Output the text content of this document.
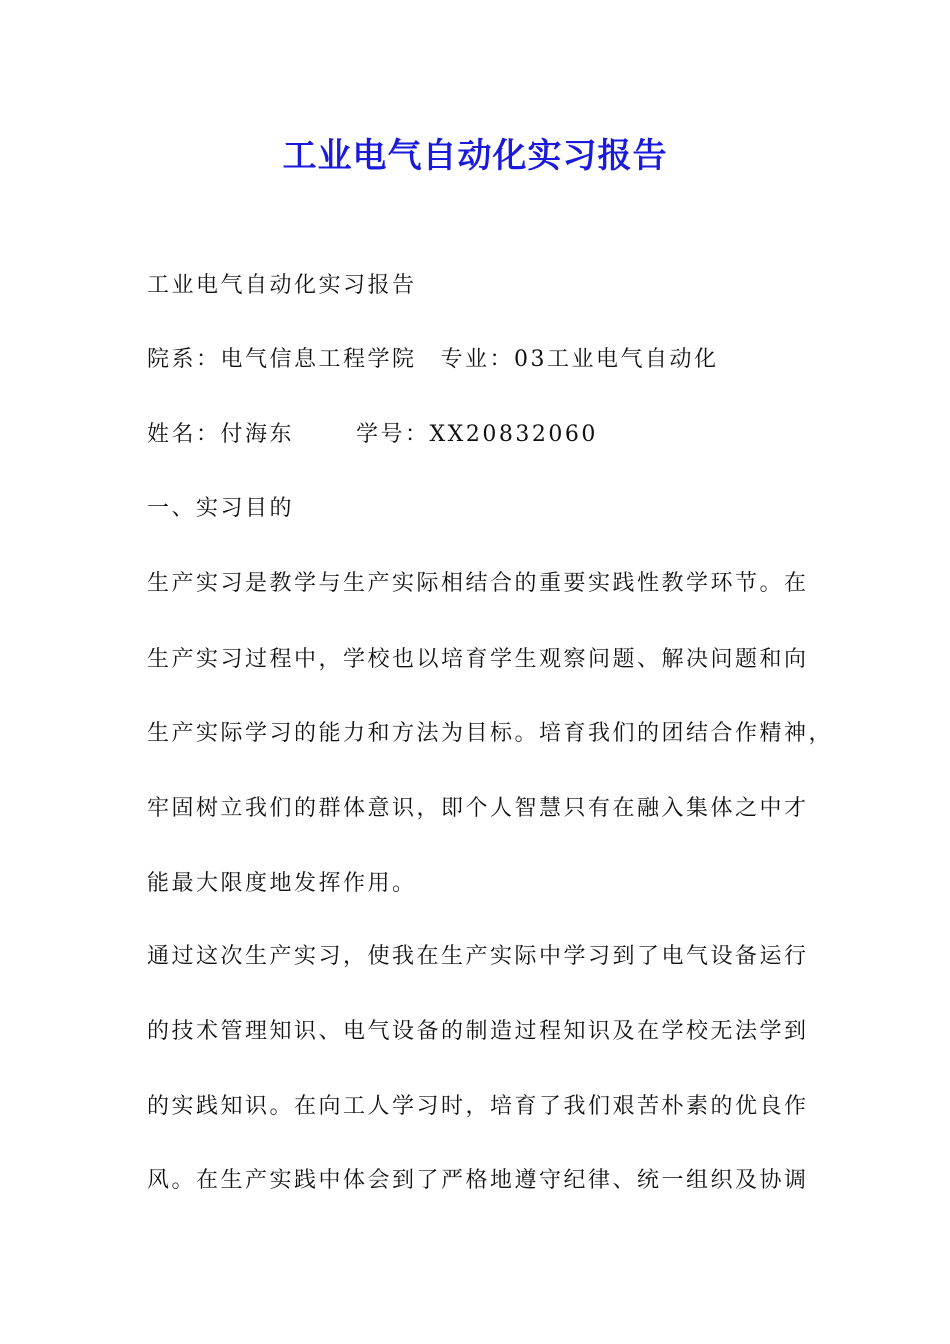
工业电气自动化实习报告

工业电气自动化实习报告

院系：电气信息工程学院 专业：03工业电气自动化

姓名：付海东	学号：XX20832060

一、实习目的

生产实习是教学与生产实际相结合的重要实践性教学环节。在

生产实习过程中，学校也以培育学生观察问题、解决问题和向

生产实际学习的能力和方法为目标。培育我们的团结合作精神，

牢固树立我们的群体意识，即个人智慧只有在融入集体之中才

能最大限度地发挥作用。

通过这次生产实习，使我在生产实际中学习到了电气设备运行

的技术管理知识、电气设备的制造过程知识及在学校无法学到

的实践知识。在向工人学习时，培育了我们艰苦朴素的优良作

风。在生产实践中体会到了严格地遵守纪律、统一组织及协调
